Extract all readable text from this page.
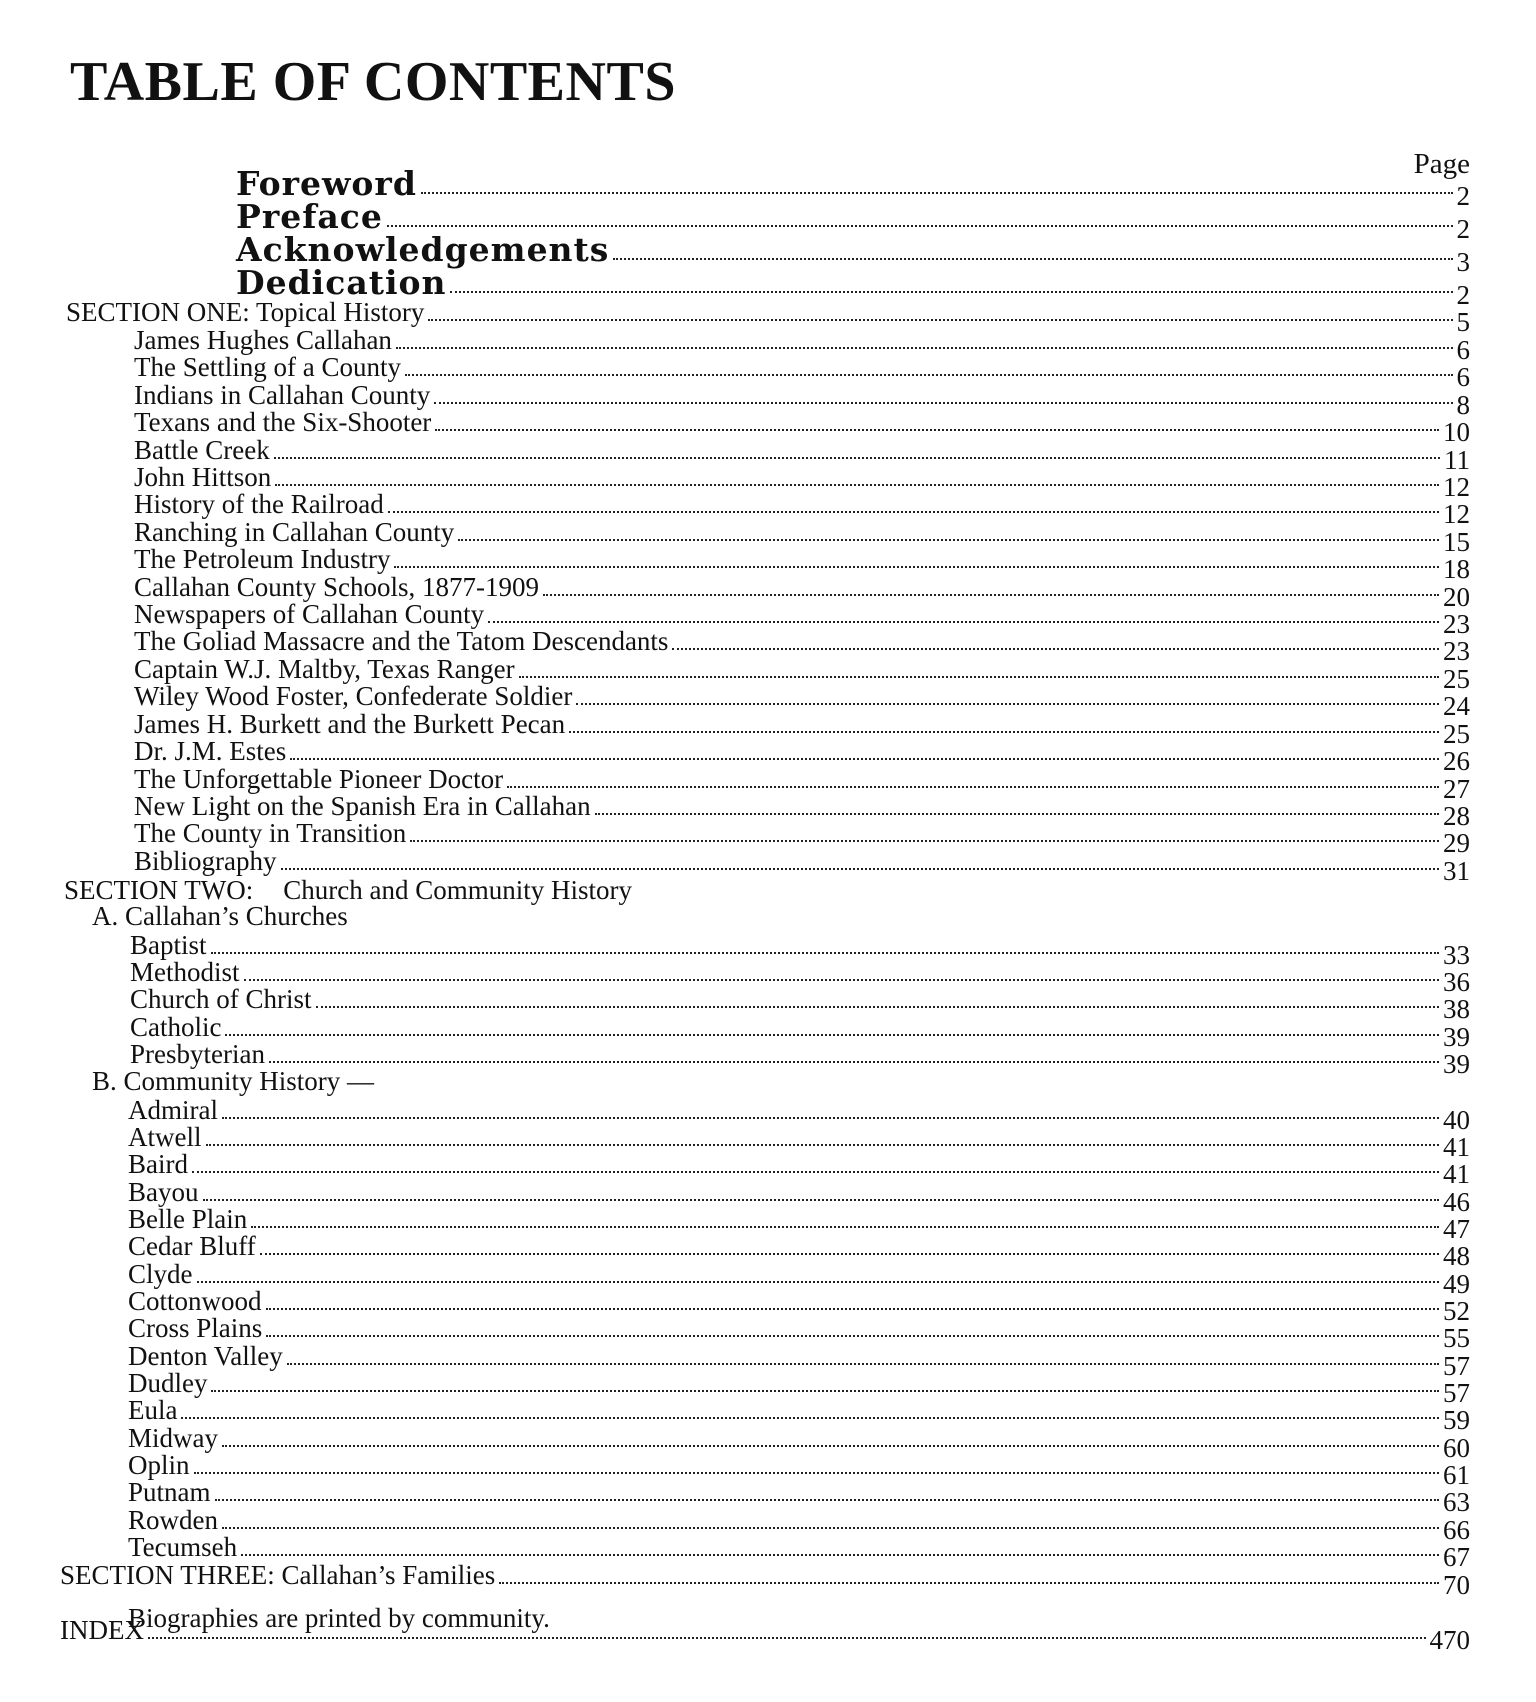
TABLE OF CONTENTS
Page
Foreword	2
Preface	2
Acknowledgements	3
Dedication	2
SECTION ONE: Topical History	5
James Hughes Callahan	6
The Settling of a County	6
Indians in Callahan County	8
Texans and the Six-Shooter	10
Battle Creek	11
John Hittson	12
History of the Railroad	12
Ranching in Callahan County	15
The Petroleum Industry	18
Callahan County Schools, 1877-1909	20
Newspapers of Callahan County	23
The Goliad Massacre and the Tatom Descendants	23
Captain W.J. Maltby, Texas Ranger	25
Wiley Wood Foster, Confederate Soldier	24
James H. Burkett and the Burkett Pecan	25
Dr. J.M. Estes	26
The Unforgettable Pioneer Doctor	27
New Light on the Spanish Era in Callahan	28
The County in Transition	29
Bibliography	31
SECTION TWO: Church and Community History
A. Callahan’s Churches
Baptist	33
Methodist	36
Church of Christ	38
Catholic	39
Presbyterian	39
B. Community History —
Admiral	40
Atwell	41
Baird	41
Bayou	46
Belle Plain	47
Cedar Bluff	48
Clyde	49
Cottonwood	52
Cross Plains	55
Denton Valley	57
Dudley	57
Eula	59
Midway	60
Oplin	61
Putnam	63
Rowden	66
Tecumseh	67
SECTION THREE: Callahan’s Families	70
INDEX	470
Biographies are printed by community.
